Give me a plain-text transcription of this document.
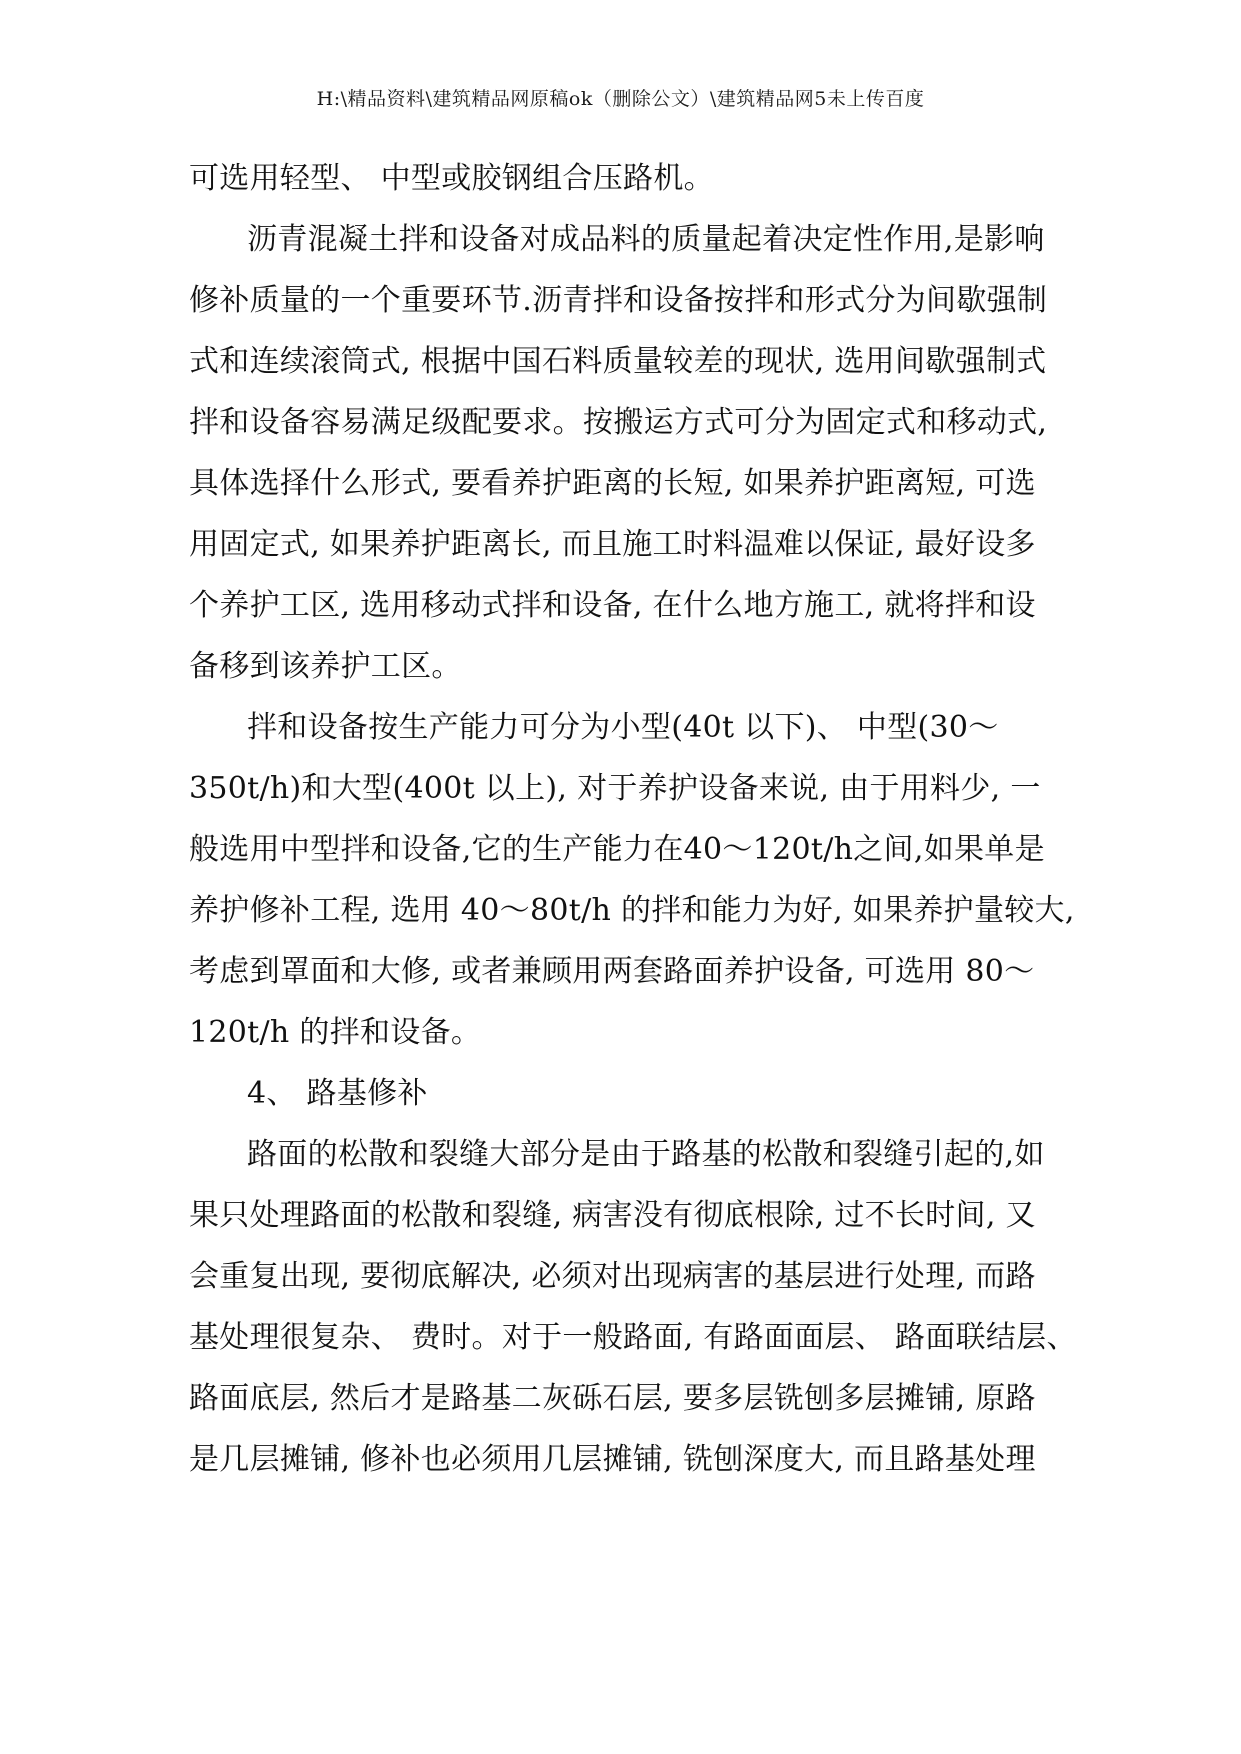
H:\精品资料\建筑精品网原稿ok（删除公文）\建筑精品网5未上传百度
可选用轻型、 中型或胶钢组合压路机。
沥青混凝土拌和设备对成品料的质量起着决定性作用,是影响
修补质量的一个重要环节.沥青拌和设备按拌和形式分为间歇强制
式和连续滚筒式, 根据中国石料质量较差的现状, 选用间歇强制式
拌和设备容易满足级配要求。按搬运方式可分为固定式和移动式,
具体选择什么形式, 要看养护距离的长短, 如果养护距离短, 可选
用固定式, 如果养护距离长, 而且施工时料温难以保证, 最好设多
个养护工区, 选用移动式拌和设备, 在什么地方施工, 就将拌和设
备移到该养护工区。
拌和设备按生产能力可分为小型(40t 以下)、 中型(30～
350t/h)和大型(400t 以上), 对于养护设备来说, 由于用料少, 一
般选用中型拌和设备,它的生产能力在40～120t/h之间,如果单是
养护修补工程, 选用 40～80t/h 的拌和能力为好, 如果养护量较大,
考虑到罩面和大修, 或者兼顾用两套路面养护设备, 可选用 80～
120t/h 的拌和设备。
4、 路基修补
路面的松散和裂缝大部分是由于路基的松散和裂缝引起的,如
果只处理路面的松散和裂缝, 病害没有彻底根除, 过不长时间, 又
会重复出现, 要彻底解决, 必须对出现病害的基层进行处理, 而路
基处理很复杂、 费时。对于一般路面, 有路面面层、 路面联结层、
路面底层, 然后才是路基二灰砾石层, 要多层铣刨多层摊铺, 原路
是几层摊铺, 修补也必须用几层摊铺, 铣刨深度大, 而且路基处理
